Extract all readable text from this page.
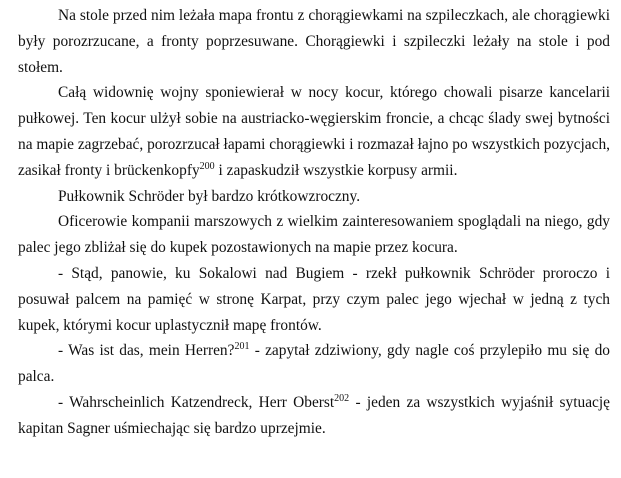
Na stole przed nim leżała mapa frontu z chorągiewkami na szpileczkach, ale chorągiewki były porozrzucane, a fronty poprzesuwane. Chorągiewki i szpileczki leżały na stole i pod stołem.

Całą widownię wojny sponiewierał w nocy kocur, którego chowali pisarze kancelarii pułkowej. Ten kocur ulżył sobie na austriacko-węgierskim froncie, a chcąc ślady swej bytności na mapie zagrzebać, porozrzucał łapami chorągiewki i rozmazał łajno po wszystkich pozycjach, zasikał fronty i brückenkopfy$^{200}$ i zapaskudził wszystkie korpusy armii.

Pułkownik Schröder był bardzo krótkowzroczny.

Oficerowie kompanii marszowych z wielkim zainteresowaniem spoglądali na niego, gdy palec jego zbliżał się do kupek pozostawionych na mapie przez kocura.

- Stąd, panowie, ku Sokalowi nad Bugiem - rzekł pułkownik Schröder proroczo i posuwał palcem na pamięć w stronę Karpat, przy czym palec jego wjechał w jedną z tych kupek, którymi kocur uplastycznił mapę frontów.

- Was ist das, mein Herren?$^{201}$ - zapytał zdziwiony, gdy nagle coś przylepiło mu się do palca.

- Wahrscheinlich Katzendreck, Herr Oberst$^{202}$ - jeden za wszystkich wyjaśnił sytuację kapitan Sagner uśmiechając się bardzo uprzejmie.
